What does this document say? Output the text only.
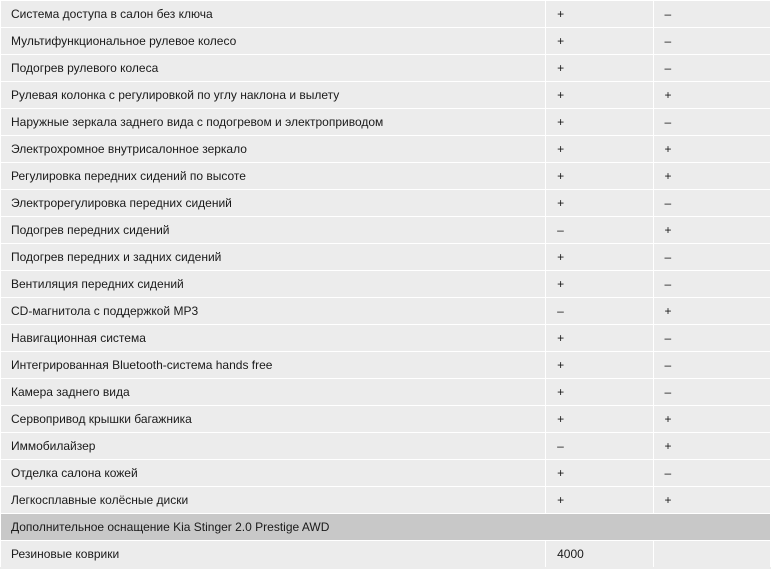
Система доступа в салон без ключа	+	–
Мультифункциональное рулевое колесо	+	–
Подогрев рулевого колеса	+	–
Рулевая колонка с регулировкой по углу наклона и вылету	+	+
Наружные зеркала заднего вида с подогревом и электроприводом	+	–
Электрохромное внутрисалонное зеркало	+	+
Регулировка передних сидений по высоте	+	+
Электрорегулировка передних сидений	+	–
Подогрев передних сидений	–	+
Подогрев передних и задних сидений	+	–
Вентиляция передних сидений	+	–
CD-магнитола с поддержкой MP3	–	+
Навигационная система	+	–
Интегрированная Bluetooth-система hands free	+	–
Камера заднего вида	+	–
Сервопривод крышки багажника	+	+
Иммобилайзер	–	+
Отделка салона кожей	+	–
Легкосплавные колёсные диски	+	+
Дополнительное оснащение Kia Stinger 2.0 Prestige AWD		
Резиновые коврики	4000	
